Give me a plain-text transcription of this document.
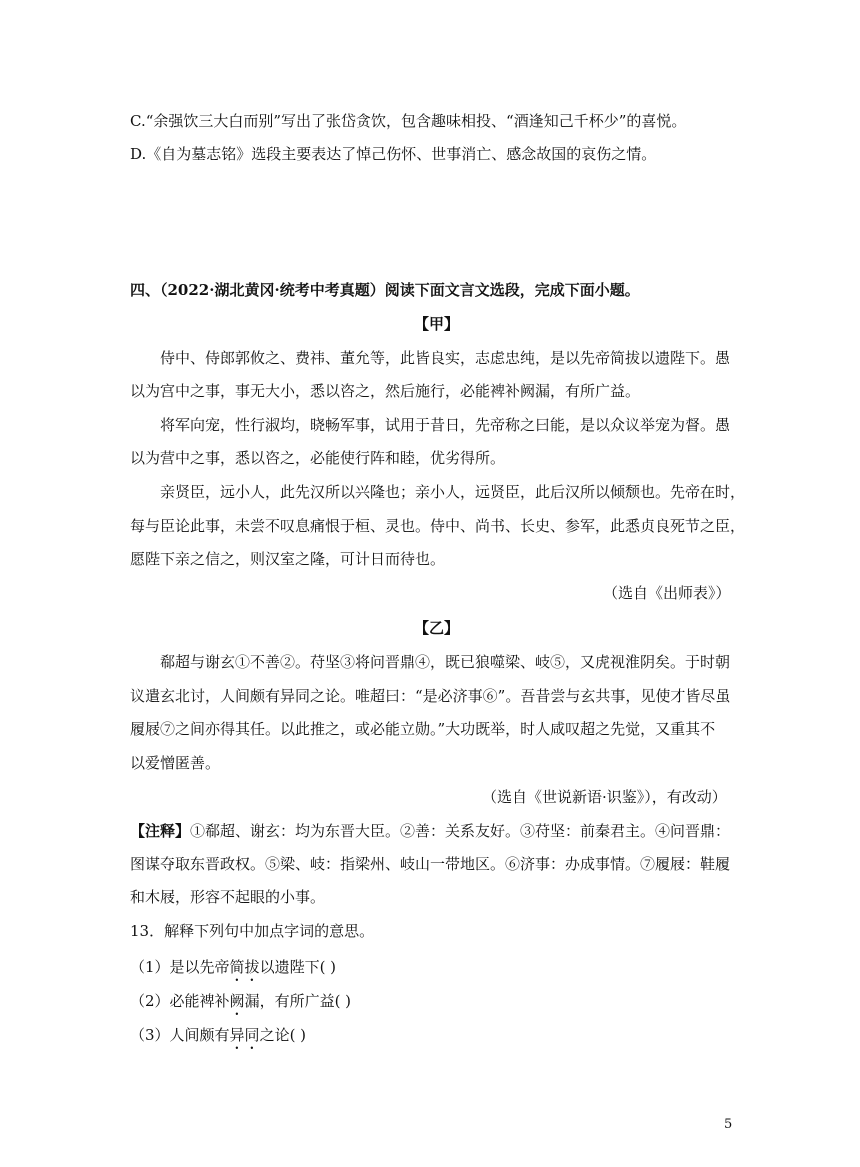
C.“余强饮三大白而别”写出了张岱贪饮，包含趣味相投、“酒逢知己千杯少”的喜悦。
D.《自为墓志铭》选段主要表达了悼己伤怀、世事消亡、感念故国的哀伤之情。
四、（2022·湖北黄冈·统考中考真题）阅读下面文言文选段，完成下面小题。
【甲】
侍中、侍郎郭攸之、费祎、董允等，此皆良实，志虑忠纯，是以先帝简拔以遗陛下。愚
以为宫中之事，事无大小，悉以咨之，然后施行，必能裨补阙漏，有所广益。
将军向宠，性行淑均，晓畅军事，试用于昔日，先帝称之曰能，是以众议举宠为督。愚
以为营中之事，悉以咨之，必能使行阵和睦，优劣得所。
亲贤臣，远小人，此先汉所以兴隆也；亲小人，远贤臣，此后汉所以倾颓也。先帝在时，
每与臣论此事，未尝不叹息痛恨于桓、灵也。侍中、尚书、长史、参军，此悉贞良死节之臣，
愿陛下亲之信之，则汉室之隆，可计日而待也。
（选自《出师表》）
【乙】
郗超与谢玄①不善②。苻坚③将问晋鼎④，既已狼噬梁、岐⑤，又虎视淮阴矣。于时朝
议遣玄北讨，人间颇有异同之论。唯超曰：“是必济事⑥”。吾昔尝与玄共事，见使才皆尽虽
履屐⑦之间亦得其任。以此推之，或必能立勋。”大功既举，时人咸叹超之先觉，又重其不
以爱憎匿善。
（选自《世说新语·识鉴》），有改动）
【注释】①郗超、谢玄：均为东晋大臣。②善：关系友好。③苻坚：前秦君主。④问晋鼎：
图谋夺取东晋政权。⑤梁、岐：指梁州、岐山一带地区。⑥济事：办成事情。⑦履屐：鞋履
和木屐，形容不起眼的小事。
13．解释下列句中加点字词的意思。
（1）是以先帝简拔以遗陛下( )
（2）必能裨补阙漏，有所广益( )
（3）人间颇有异同之论( )
5
